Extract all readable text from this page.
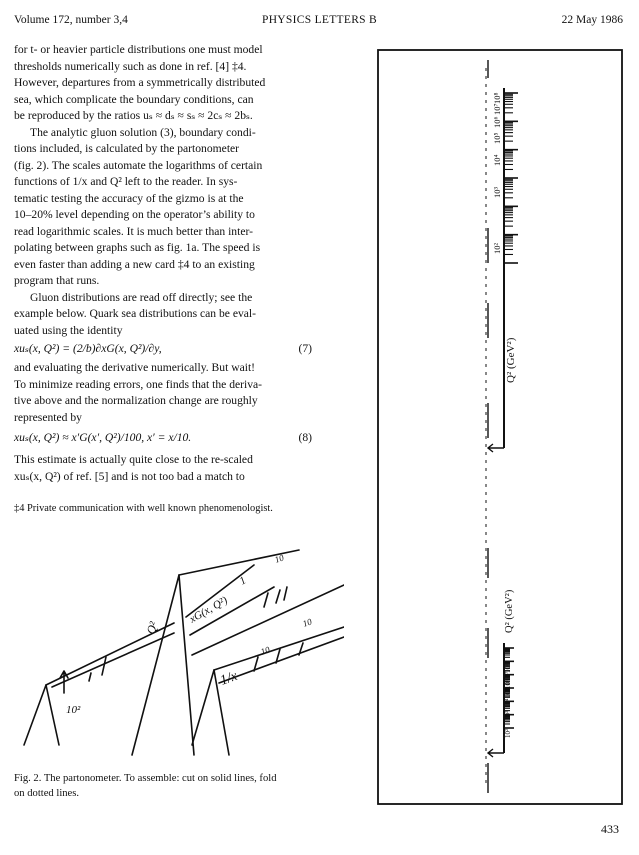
Volume 172, number 3,4	PHYSICS LETTERS B	22 May 1986
for t- or heavier particle distributions one must model
thresholds numerically such as done in ref. [4] ‡4.
However, departures from a symmetrically distributed
sea, which complicate the boundary conditions, can
be reproduced by the ratios uₛ ≈ dₛ ≈ sₛ ≈ 2cₛ ≈ 2bₛ.
The analytic gluon solution (3), boundary condi-
tions included, is calculated by the partonometer
(fig. 2). The scales automate the logarithms of certain
functions of 1/x and Q² left to the reader. In sys-
tematic testing the accuracy of the gizmo is at the
10–20% level depending on the operator’s ability to
read logarithmic scales. It is much better than inter-
polating between graphs such as fig. 1a. The speed is
even faster than adding a new card ‡4 to an existing
program that runs.
Gluon distributions are read off directly; see the
example below. Quark sea distributions can be eval-
uated using the identity
xuₛ(x, Q²) = (2/b)∂xG(x, Q²)/∂y,	(7)
and evaluating the derivative numerically. But wait!
To minimize reading errors, one finds that the deriva-
tive above and the normalization change are roughly
represented by
xuₛ(x, Q²) ≈ x′G(x′, Q²)/100, x′ = x/10.	(8)
This estimate is actually quite close to the re-scaled
xuₛ(x, Q²) of ref. [5] and is not too bad a match to
‡4 Private communication with well known phenomenologist.
10²
Q²
xG(x, Q²)
1
10
10
10
1/x
Fig. 2. The partonometer. To assemble: cut on solid lines, fold
on dotted lines.
10²
10³
10⁴
10⁵
10⁶
10⁷
10⁸
Q² (GeV²)
10²
10³
10⁴
10⁵
10⁶
10⁷
10⁸
Q² (GeV²)
433
